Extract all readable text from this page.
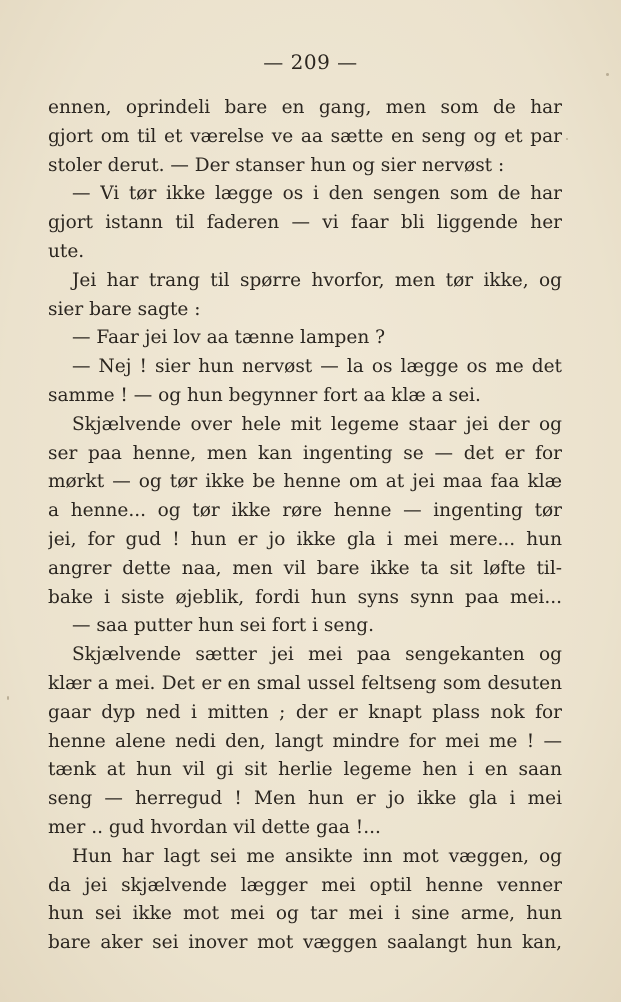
— 209 —

ennen, oprindeli bare en gang, men som de har
gjort om til et værelse ve aa sætte en seng og et par
stoler derut. — Der stanser hun og sier nervøst :
— Vi tør ikke lægge os i den sengen som de har
gjort istann til faderen — vi faar bli liggende her
ute.
Jei har trang til spørre hvorfor, men tør ikke, og
sier bare sagte :
— Faar jei lov aa tænne lampen ?
— Nej ! sier hun nervøst — la os lægge os me det
samme ! — og hun begynner fort aa klæ a sei.
Skjælvende over hele mit legeme staar jei der og
ser paa henne, men kan ingenting se — det er for
mørkt — og tør ikke be henne om at jei maa faa klæ
a henne... og tør ikke røre henne — ingenting tør
jei, for gud ! hun er jo ikke gla i mei mere... hun
angrer dette naa, men vil bare ikke ta sit løfte til-
bake i siste øjeblik, fordi hun syns synn paa mei...
— saa putter hun sei fort i seng.
Skjælvende sætter jei mei paa sengekanten og
klær a mei. Det er en smal ussel feltseng som desuten
gaar dyp ned i mitten ; der er knapt plass nok for
henne alene nedi den, langt mindre for mei me ! —
tænk at hun vil gi sit herlie legeme hen i en saan
seng — herregud ! Men hun er jo ikke gla i mei
mer .. gud hvordan vil dette gaa !...
Hun har lagt sei me ansikte inn mot væggen, og
da jei skjælvende lægger mei optil henne venner
hun sei ikke mot mei og tar mei i sine arme, hun
bare aker sei inover mot væggen saalangt hun kan,
